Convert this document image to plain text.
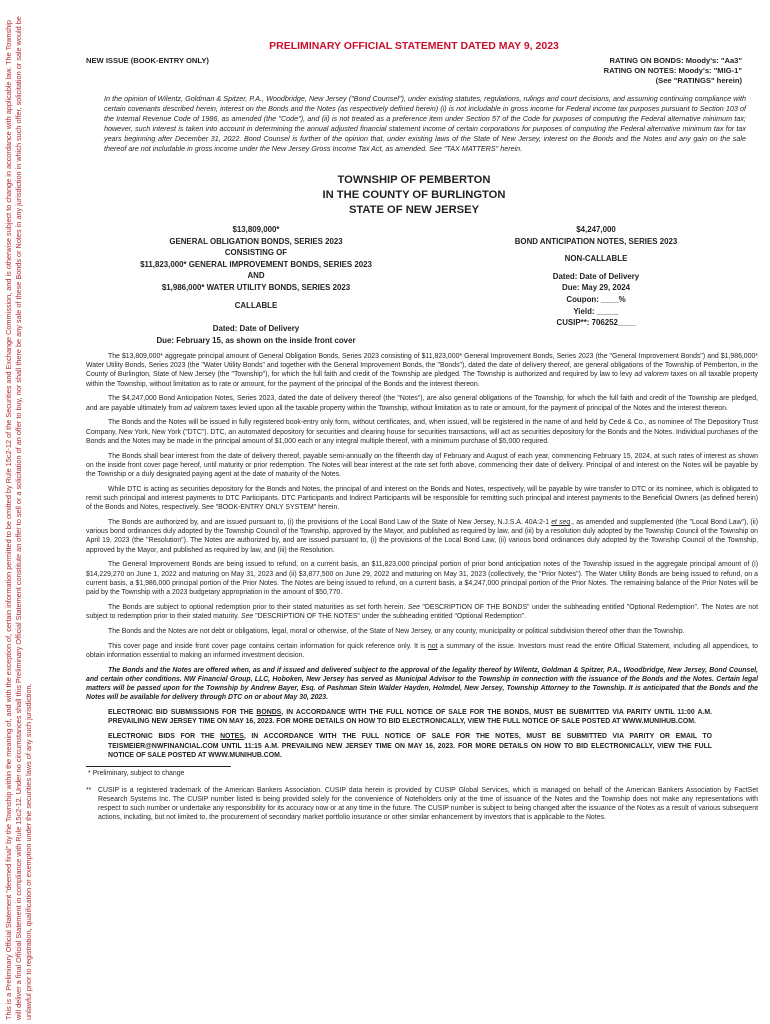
This is a Preliminary Official Statement "deemed final" by the Township within the meaning of, and with the exception of, certain information permitted to be omitted by Rule 15c2-12 of the Securities and Exchange Commission, and is otherwise subject to change in accordance with applicable law. The Township will deliver a final Official Statement in compliance with Rule 15c2-12. Under no circumstances shall this Preliminary Official Statement constitute an offer to sell or a solicitation of an offer to buy, nor shall there be any sale of these Bonds or Notes in any jurisdiction in which such offer, solicitation or sale would be unlawful prior to registration, qualification or exemption under the securities laws of any such jurisdiction.
PRELIMINARY OFFICIAL STATEMENT DATED MAY 9, 2023
NEW ISSUE (BOOK-ENTRY ONLY)	RATING ON BONDS: Moody's: "Aa3"
RATING ON NOTES: Moody's: "MIG-1"
(See "RATINGS" herein)
In the opinion of Wilentz, Goldman & Spitzer, P.A., Woodbridge, New Jersey ("Bond Counsel"), under existing statutes, regulations, rulings and court decisions, and assuming continuing compliance with certain covenants described herein, interest on the Bonds and the Notes (as respectively defined herein) (i) is not includable in gross income for Federal income tax purposes pursuant to Section 103 of the Internal Revenue Code of 1986, as amended (the "Code"), and (ii) is not treated as a preference item under Section 57 of the Code for purposes of computing the Federal alternative minimum tax; however, such interest is taken into account in determining the annual adjusted financial statement income of certain corporations for purposes of computing the Federal alternative minimum tax for tax years beginning after December 31, 2022. Bond Counsel is further of the opinion that, under existing laws of the State of New Jersey, interest on the Bonds and the Notes and any gain on the sale thereof are not includable in gross income under the New Jersey Gross Income Tax Act, as amended. See "TAX MATTERS" herein.
TOWNSHIP OF PEMBERTON
IN THE COUNTY OF BURLINGTON
STATE OF NEW JERSEY
$13,809,000*
GENERAL OBLIGATION BONDS, SERIES 2023
CONSISTING OF
$11,823,000* GENERAL IMPROVEMENT BONDS, SERIES 2023
AND
$1,986,000* WATER UTILITY BONDS, SERIES 2023
CALLABLE
Dated: Date of Delivery
Due: February 15, as shown on the inside front cover
$4,247,000
BOND ANTICIPATION NOTES, SERIES 2023
NON-CALLABLE
Dated: Date of Delivery
Due: May 29, 2024
Coupon: ____%
Yield: _____
CUSIP**: 706252____

The $13,809,000* aggregate principal amount of General Obligation Bonds, Series 2023 consisting of $11,823,000* General Improvement Bonds, Series 2023 (the "General Improvement Bonds") and $1,986,000* Water Utility Bonds, Series 2023 (the "Water Utility Bonds" and together with the General Improvement Bonds, the "Bonds"), dated the date of delivery thereof, are general obligations of the Township of Pemberton, in the County of Burlington, State of New Jersey (the "Township"), for which the full faith and credit of the Township are pledged. The Township is authorized and required by law to levy ad valorem taxes on all taxable property within the Township, without limitation as to rate or amount, for the payment of the principal of the Bonds and the interest thereon.

The $4,247,000 Bond Anticipation Notes, Series 2023, dated the date of delivery thereof (the "Notes"), are also general obligations of the Township, for which the full faith and credit of the Township are pledged, and are payable ultimately from ad valorem taxes levied upon all the taxable property within the Township, without limitation as to rate or amount, for the payment of principal of the Notes and the interest thereon.

The Bonds and the Notes will be issued in fully registered book-entry only form, without certificates, and, when issued, will be registered in the name of and held by Cede & Co., as nominee of The Depository Trust Company, New York, New York ("DTC"). DTC, an automated depository for securities and clearing house for securities transactions, will act as securities depository for the Bonds and the Notes. Individual purchases of the Bonds and the Notes may be made in the principal amount of $1,000 each or any integral multiple thereof, with a minimum purchase of $5,000 required.

The Bonds shall bear interest from the date of delivery thereof, payable semi-annually on the fifteenth day of February and August of each year, commencing February 15, 2024, at such rates of interest as shown on the inside front cover page hereof, until maturity or prior redemption. The Notes will bear interest at the rate set forth above, commencing their date of delivery. Principal of and interest on the Notes will be payable by the Township or a duly designated paying agent at the date of maturity of the Notes.

While DTC is acting as securities depository for the Bonds and Notes, the principal of and interest on the Bonds and Notes, respectively, will be payable by wire transfer to DTC or its nominee, which is obligated to remit such principal and interest payments to DTC Participants. DTC Participants and Indirect Participants will be responsible for remitting such principal and interest payments to the Beneficial Owners (as defined herein) of the Bonds and Notes, respectively. See "BOOK-ENTRY ONLY SYSTEM" herein.

The Bonds are authorized by, and are issued pursuant to, (i) the provisions of the Local Bond Law of the State of New Jersey, N.J.S.A. 40A:2-1 et seq., as amended and supplemented (the "Local Bond Law"), (ii) various bond ordinances duly adopted by the Township Council of the Township, approved by the Mayor, and published as required by law, and (iii) by a resolution duly adopted by the Township Council of the Township on April 19, 2023 (the "Resolution"). The Notes are authorized by, and are issued pursuant to, (i) the provisions of the Local Bond Law, (ii) various bond ordinances duly adopted by the Township Council of the Township, approved by the Mayor, and published as required by law, and (iii) the Resolution.

The General Improvement Bonds are being issued to refund, on a current basis, an $11,823,000 principal portion of prior bond anticipation notes of the Township issued in the aggregate principal amount of (i) $14,229,270 on June 1, 2022 and maturing on May 31, 2023 and (ii) $3,877,500 on June 29, 2022 and maturing on May 31, 2023 (collectively, the "Prior Notes"). The Water Utility Bonds are being issued to refund, on a current basis, a $1,986,000 principal portion of the Prior Notes. The Notes are being issued to refund, on a current basis, a $4,247,000 principal portion of the Prior Notes. The remaining balance of the Prior Notes will be paid by the Township with a 2023 budgetary appropriation in the amount of $50,770.

The Bonds are subject to optional redemption prior to their stated maturities as set forth herein. See "DESCRIPTION OF THE BONDS" under the subheading entitled "Optional Redemption". The Notes are not subject to redemption prior to their stated maturity. See "DESCRIPTION OF THE NOTES" under the subheading entitled "Optional Redemption".

The Bonds and the Notes are not debt or obligations, legal, moral or otherwise, of the State of New Jersey, or any county, municipality or political subdivision thereof other than the Township.

This cover page and inside front cover page contains certain information for quick reference only. It is not a summary of the issue. Investors must read the entire Official Statement, including all appendices, to obtain information essential to making an informed investment decision.

The Bonds and the Notes are offered when, as and if issued and delivered subject to the approval of the legality thereof by Wilentz, Goldman & Spitzer, P.A., Woodbridge, New Jersey, Bond Counsel, and certain other conditions. NW Financial Group, LLC, Hoboken, New Jersey has served as Municipal Advisor to the Township in connection with the issuance of the Bonds and the Notes. Certain legal matters will be passed upon for the Township by Andrew Bayer, Esq. of Pashman Stein Walder Hayden, Holmdel, New Jersey, Township Attorney to the Township. It is anticipated that the Bonds and the Notes will be available for delivery through DTC on or about May 30, 2023.

ELECTRONIC BID SUBMISSIONS FOR THE BONDS, IN ACCORDANCE WITH THE FULL NOTICE OF SALE FOR THE BONDS, MUST BE SUBMITTED VIA PARITY UNTIL 11:00 A.M. PREVAILING NEW JERSEY TIME ON MAY 16, 2023. FOR MORE DETAILS ON HOW TO BID ELECTRONICALLY, VIEW THE FULL NOTICE OF SALE POSTED AT WWW.MUNIHUB.COM.
ELECTRONIC BIDS FOR THE NOTES, IN ACCORDANCE WITH THE FULL NOTICE OF SALE FOR THE NOTES, MUST BE SUBMITTED VIA PARITY OR EMAIL TO TEISMEIER@NWFINANCIAL.COM UNTIL 11:15 A.M. PREVAILING NEW JERSEY TIME ON MAY 16, 2023. FOR MORE DETAILS ON HOW TO BID ELECTRONICALLY, VIEW THE FULL NOTICE OF SALE POSTED AT WWW.MUNIHUB.COM.
* Preliminary, subject to change
** CUSIP is a registered trademark of the American Bankers Association. CUSIP data herein is provided by CUSIP Global Services, which is managed on behalf of the American Bankers Association by FactSet Research Systems Inc. The CUSIP number listed is being provided solely for the convenience of Noteholders only at the time of issuance of the Notes and the Township does not make any representations with respect to such number or undertake any responsibility for its accuracy now or at any time in the future. The CUSIP number is subject to being changed after the issuance of the Notes as a result of various subsequent actions, including, but not limited to, the procurement of secondary market portfolio insurance or other similar enhancement by investors that is applicable to the Notes.
